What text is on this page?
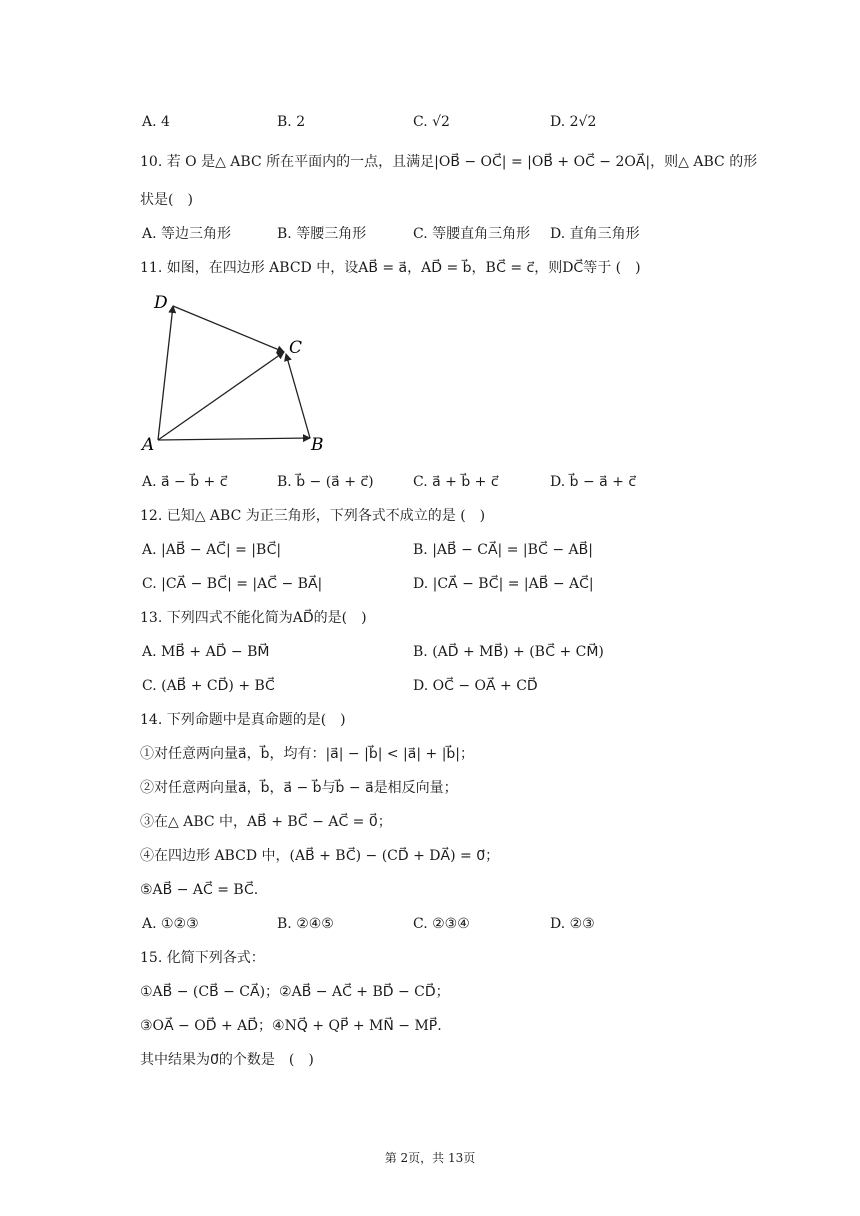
A. 4	B. 2	C. √2	D. 2√2
10. 若 O 是△ ABC 所在平面内的一点，且满足|OB⃗ − OC⃗| = |OB⃗ + OC⃗ − 2OA⃗|，则△ ABC 的形
状是(　)
A. 等边三角形	B. 等腰三角形	C. 等腰直角三角形 D. 直角三角形
11. 如图，在四边形 ABCD 中，设AB⃗ = a⃗，AD⃗ = b⃗，BC⃗ = c⃗，则DC⃗等于 (　)
A	B
C
D
A. a⃗ − b⃗ + c⃗	B. b⃗ − (a⃗ + c⃗)	C. a⃗ + b⃗ + c⃗	D. b⃗ − a⃗ + c⃗
12. 已知△ ABC 为正三角形，下列各式不成立的是 (　)
A. |AB⃗ − AC⃗| = |BC⃗|	B. |AB⃗ − CA⃗| = |BC⃗ − AB⃗|
C. |CA⃗ − BC⃗| = |AC⃗ − BA⃗|	D. |CA⃗ − BC⃗| = |AB⃗ − AC⃗|
13. 下列四式不能化简为AD⃗的是(　)
A. MB⃗ + AD⃗ − BM⃗	B. (AD⃗ + MB⃗) + (BC⃗ + CM⃗)
C. (AB⃗ + CD⃗) + BC⃗	D. OC⃗ − OA⃗ + CD⃗
14. 下列命题中是真命题的是(　)
①对任意两向量a⃗，b⃗，均有：|a⃗| − |b⃗| < |a⃗| + |b⃗|；
②对任意两向量a⃗，b⃗，a⃗ − b⃗与b⃗ − a⃗是相反向量；
③在△ ABC 中，AB⃗ + BC⃗ − AC⃗ = 0⃗；
④在四边形 ABCD 中，(AB⃗ + BC⃗) − (CD⃗ + DA⃗) = 0⃗；
⑤AB⃗ − AC⃗ = BC⃗.
A. ①②③	B. ②④⑤	C. ②③④	D. ②③
15. 化简下列各式：
①AB⃗ − (CB⃗ − CA⃗)；②AB⃗ − AC⃗ + BD⃗ − CD⃗；
③OA⃗ − OD⃗ + AD⃗；④NQ⃗ + QP⃗ + MN⃗ − MP⃗.
其中结果为0⃗的个数是　(　)
第 2页，共 13页
